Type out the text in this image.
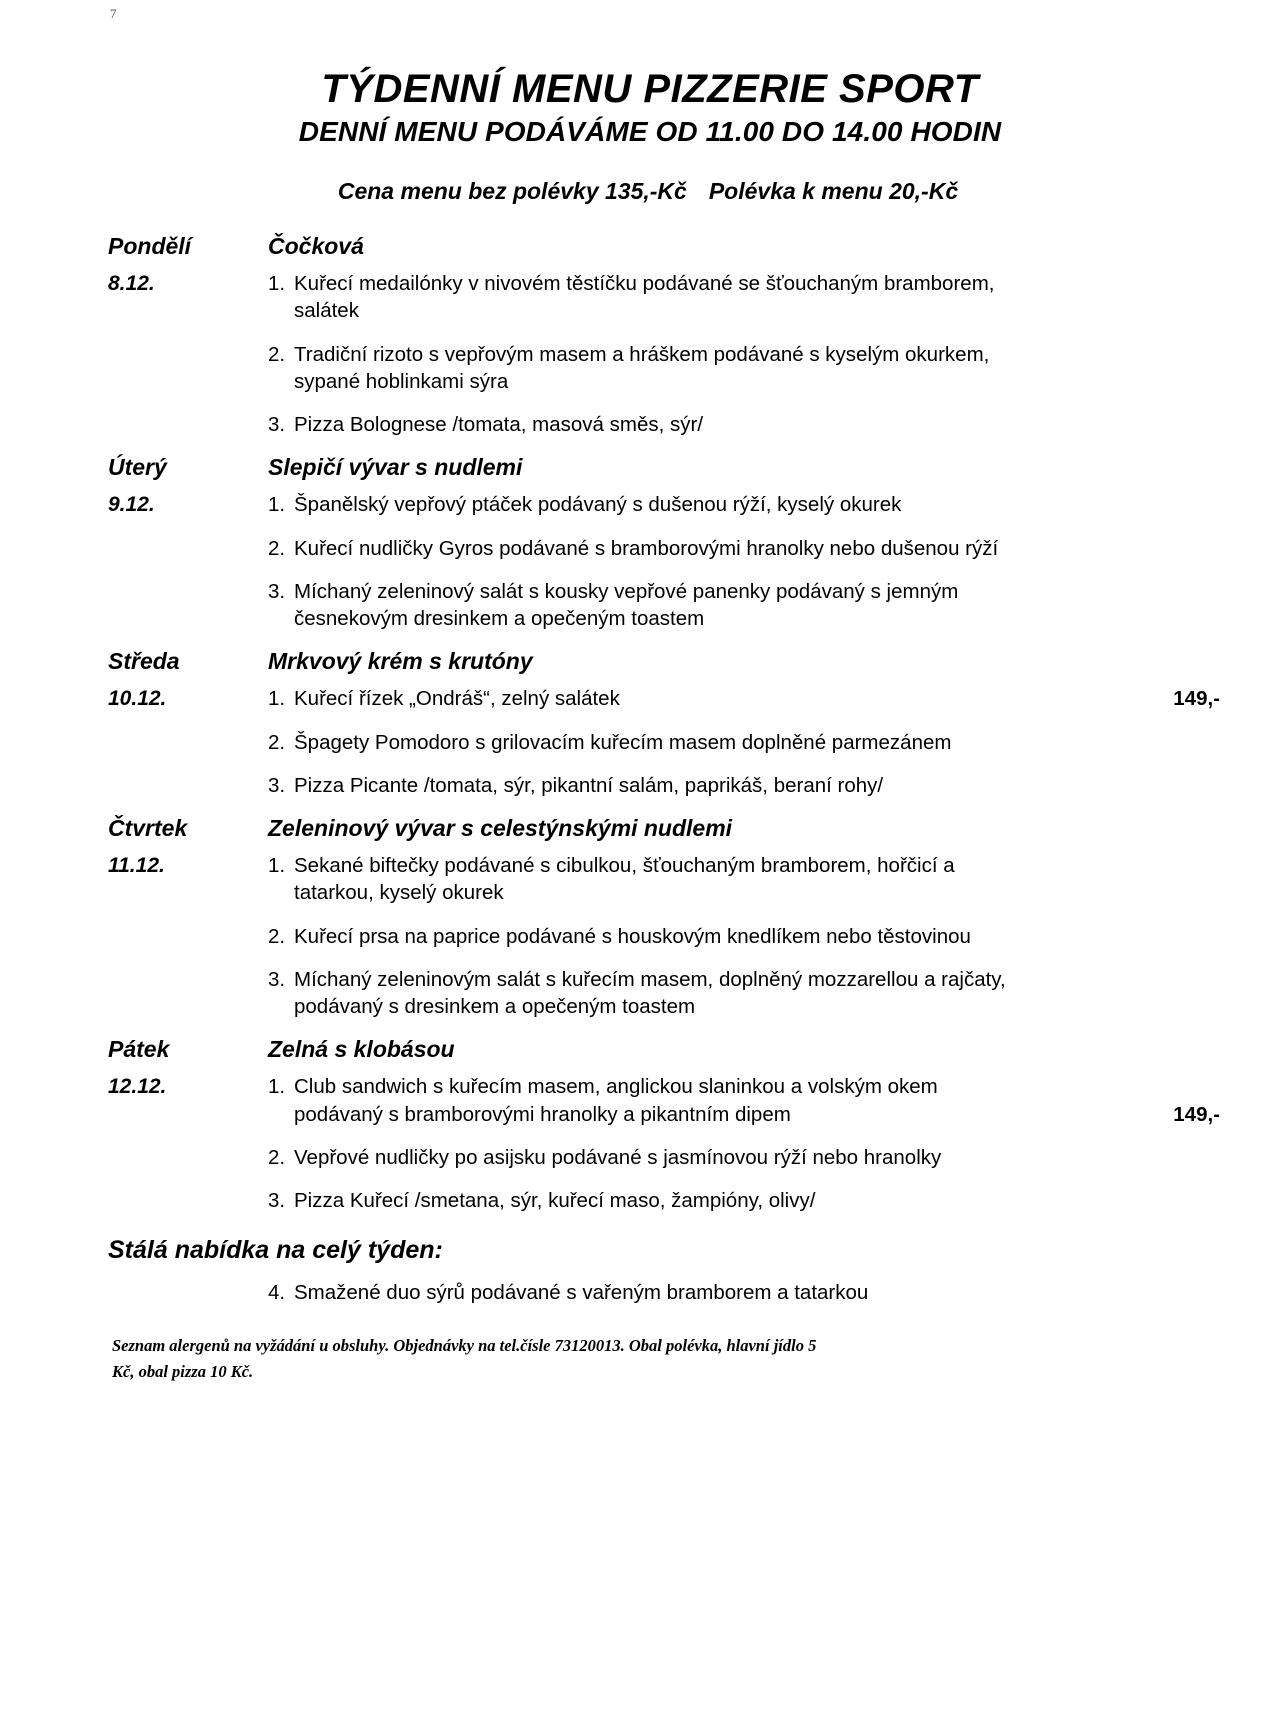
7
TÝDENNÍ MENU PIZZERIE SPORT
DENNÍ MENU PODÁVÁME OD 11.00 DO 14.00 HODIN
Cena menu bez polévky 135,-Kč Polévka k menu 20,-Kč
Pondělí	Čočková
8.12.	1. Kuřecí medailónky v nivovém těstíčku podávané se šťouchaným bramborem,
salátek
2. Tradiční rizoto s vepřovým masem a hráškem podávané s kyselým okurkem,
sypané hoblinkami sýra
3. Pizza Bolognese /tomata, masová směs, sýr/
Úterý	Slepičí vývar s nudlemi
9.12.	1. Španělský vepřový ptáček podávaný s dušenou rýží, kyselý okurek
2. Kuřecí nudličky Gyros podávané s bramborovými hranolky nebo dušenou rýží
3. Míchaný zeleninový salát s kousky vepřové panenky podávaný s jemným
česnekovým dresinkem a opečeným toastem
Středa	Mrkvový krém s krutóny
10.12.	1. Kuřecí řízek „Ondráš“, zelný salátek	149,-
2. Špagety Pomodoro s grilovacím kuřecím masem doplněné parmezánem
3. Pizza Picante /tomata, sýr, pikantní salám, paprikáš, beraní rohy/
Čtvrtek	Zeleninový vývar s celestýnskými nudlemi
11.12.	1. Sekané biftečky podávané s cibulkou, šťouchaným bramborem, hořčicí a
tatarkou, kyselý okurek
2. Kuřecí prsa na paprice podávané s houskovým knedlíkem nebo těstovinou
3. Míchaný zeleninovým salát s kuřecím masem, doplněný mozzarellou a rajčaty,
podávaný s dresinkem a opečeným toastem
Pátek	Zelná s klobásou
12.12.	1. Club sandwich s kuřecím masem, anglickou slaninkou a volským okem
podávaný s bramborovými hranolky a pikantním dipem	149,-
2. Vepřové nudličky po asijsku podávané s jasmínovou rýží nebo hranolky
3. Pizza Kuřecí /smetana, sýr, kuřecí maso, žampióny, olivy/
Stálá nabídka na celý týden:
4. Smažené duo sýrů podávané s vařeným bramborem a tatarkou
Seznam alergenů na vyžádání u obsluhy. Objednávky na tel.čísle 73120013. Obal polévka, hlavní jídlo 5
Kč, obal pizza 10 Kč.
